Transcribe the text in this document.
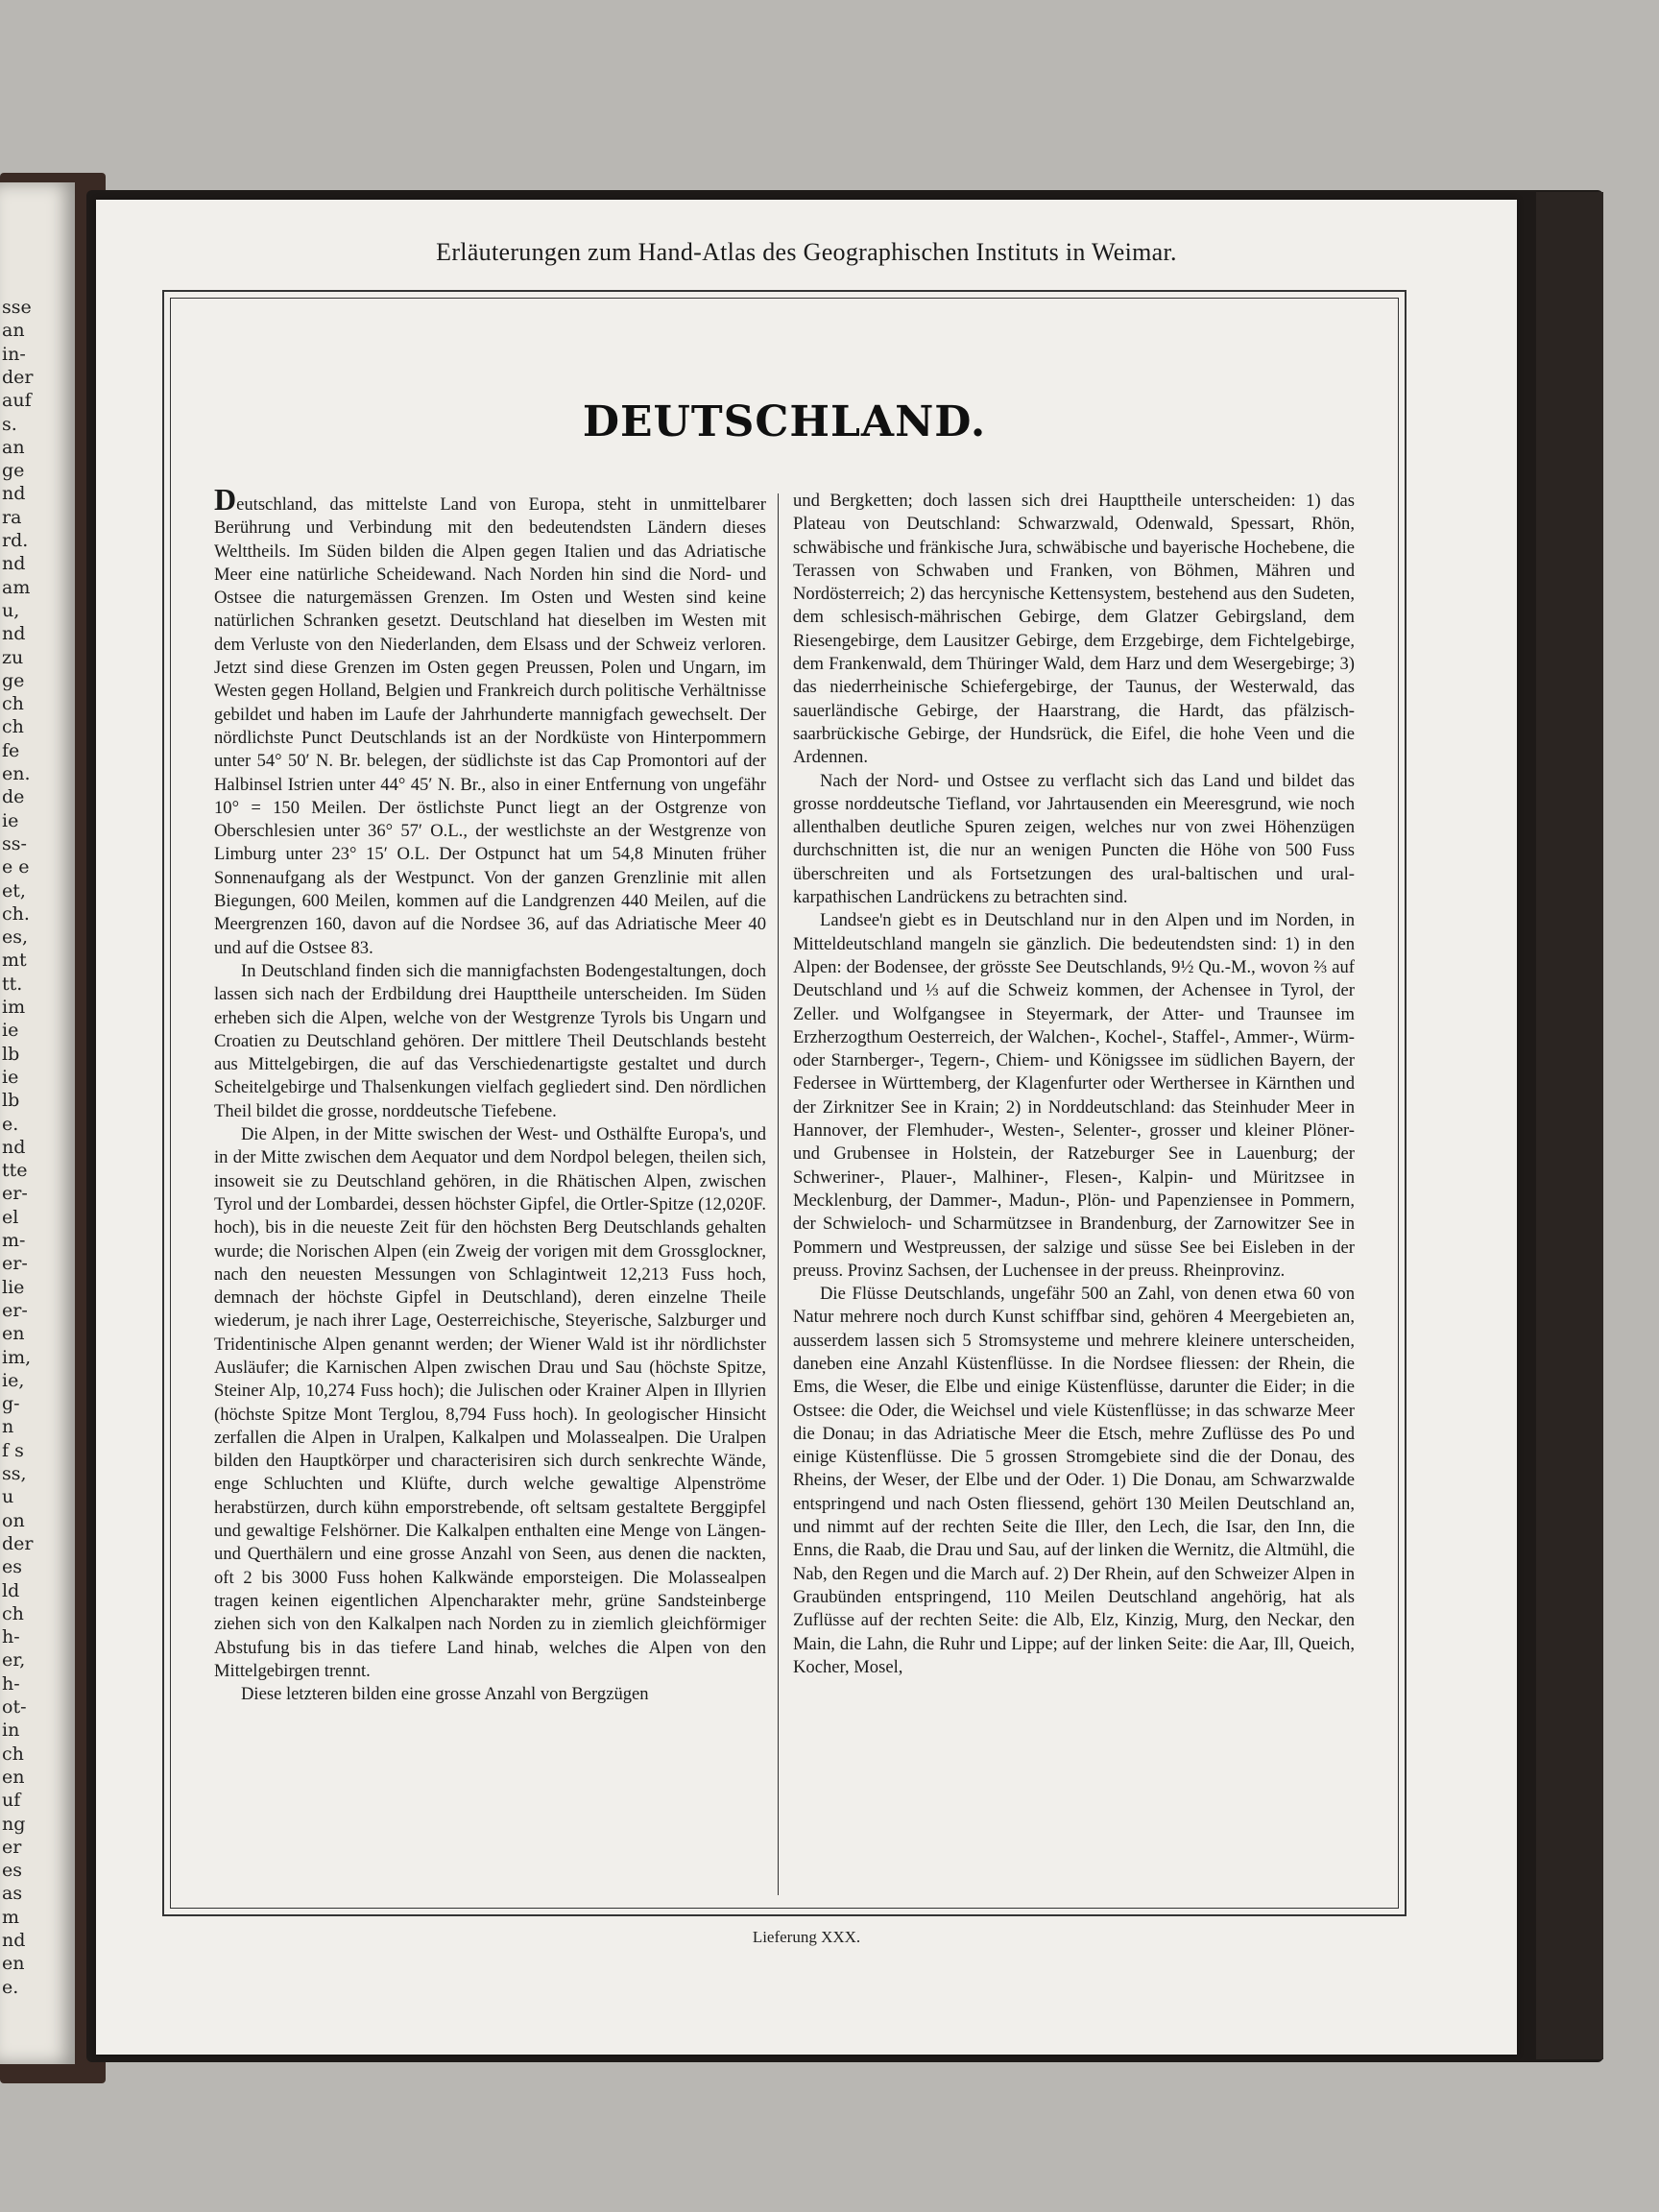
sse
an
in-
der
auf
s.
an
ge
nd
ra
rd.
nd
am
u,
nd
zu
ge
ch
ch
fe
en.
de
ie
ss-
e e
et,
ch.
es,
mt
tt.
im
ie
lb
ie
lb
e.
nd
tte
er-
el
m-
er-
lie
er-
en
im,
ie,
g-
n
f s
ss,
u
on
der
es
ld
ch
h-
er,
h-
ot-
in
ch
en
uf
ng
er
es
as
m
nd
en
e.
Erläuterungen zum Hand-Atlas des Geographischen Instituts in Weimar.
DEUTSCHLAND.

Deutschland, das mittelste Land von Europa, steht in unmittelbarer Berührung und Verbindung mit den bedeutendsten Ländern dieses Welttheils. Im Süden bilden die Alpen gegen Italien und das Adriatische Meer eine natürliche Scheidewand. Nach Norden hin sind die Nord- und Ostsee die naturgemässen Grenzen. Im Osten und Westen sind keine natürlichen Schranken gesetzt. Deutschland hat dieselben im Westen mit dem Verluste von den Niederlanden, dem Elsass und der Schweiz verloren. Jetzt sind diese Grenzen im Osten gegen Preussen, Polen und Ungarn, im Westen gegen Holland, Belgien und Frankreich durch politische Verhältnisse gebildet und haben im Laufe der Jahrhunderte mannigfach gewechselt. Der nördlichste Punct Deutschlands ist an der Nordküste von Hinterpommern unter 54° 50′ N. Br. belegen, der südlichste ist das Cap Promontori auf der Halbinsel Istrien unter 44° 45′ N. Br., also in einer Entfernung von ungefähr 10° = 150 Meilen. Der östlichste Punct liegt an der Ostgrenze von Oberschlesien unter 36° 57′ O.L., der westlichste an der Westgrenze von Limburg unter 23° 15′ O.L. Der Ostpunct hat um 54,8 Minuten früher Sonnenaufgang als der Westpunct. Von der ganzen Grenzlinie mit allen Biegungen, 600 Meilen, kommen auf die Landgrenzen 440 Meilen, auf die Meergrenzen 160, davon auf die Nordsee 36, auf das Adriatische Meer 40 und auf die Ostsee 83.

In Deutschland finden sich die mannigfachsten Bodengestaltungen, doch lassen sich nach der Erdbildung drei Haupttheile unterscheiden. Im Süden erheben sich die Alpen, welche von der Westgrenze Tyrols bis Ungarn und Croatien zu Deutschland gehören. Der mittlere Theil Deutschlands besteht aus Mittelgebirgen, die auf das Verschiedenartigste gestaltet und durch Scheitelgebirge und Thalsenkungen vielfach gegliedert sind. Den nördlichen Theil bildet die grosse, norddeutsche Tiefebene.

Die Alpen, in der Mitte swischen der West- und Osthälfte Europa's, und in der Mitte zwischen dem Aequator und dem Nordpol belegen, theilen sich, insoweit sie zu Deutschland gehören, in die Rhätischen Alpen, zwischen Tyrol und der Lombardei, dessen höchster Gipfel, die Ortler-Spitze (12,020F. hoch), bis in die neueste Zeit für den höchsten Berg Deutschlands gehalten wurde; die Norischen Alpen (ein Zweig der vorigen mit dem Grossglockner, nach den neuesten Messungen von Schlagintweit 12,213 Fuss hoch, demnach der höchste Gipfel in Deutschland), deren einzelne Theile wiederum, je nach ihrer Lage, Oesterreichische, Steyerische, Salzburger und Tridentinische Alpen genannt werden; der Wiener Wald ist ihr nördlichster Ausläufer; die Karnischen Alpen zwischen Drau und Sau (höchste Spitze, Steiner Alp, 10,274 Fuss hoch); die Julischen oder Krainer Alpen in Illyrien (höchste Spitze Mont Terglou, 8,794 Fuss hoch). In geologischer Hinsicht zerfallen die Alpen in Uralpen, Kalkalpen und Molassealpen. Die Uralpen bilden den Hauptkörper und characterisiren sich durch senkrechte Wände, enge Schluchten und Klüfte, durch welche gewaltige Alpenströme herabstürzen, durch kühn emporstrebende, oft seltsam gestaltete Berggipfel und gewaltige Felshörner. Die Kalkalpen enthalten eine Menge von Längen- und Querthälern und eine grosse Anzahl von Seen, aus denen die nackten, oft 2 bis 3000 Fuss hohen Kalkwände emporsteigen. Die Molassealpen tragen keinen eigentlichen Alpencharakter mehr, grüne Sandsteinberge ziehen sich von den Kalkalpen nach Norden zu in ziemlich gleichförmiger Abstufung bis in das tiefere Land hinab, welches die Alpen von den Mittelgebirgen trennt.

Diese letzteren bilden eine grosse Anzahl von Bergzügen

und Bergketten; doch lassen sich drei Haupttheile unterscheiden: 1) das Plateau von Deutschland: Schwarzwald, Odenwald, Spessart, Rhön, schwäbische und fränkische Jura, schwäbische und bayerische Hochebene, die Terassen von Schwaben und Franken, von Böhmen, Mähren und Nordösterreich; 2) das hercynische Kettensystem, bestehend aus den Sudeten, dem schlesisch-mährischen Gebirge, dem Glatzer Gebirgsland, dem Riesengebirge, dem Lausitzer Gebirge, dem Erzgebirge, dem Fichtelgebirge, dem Frankenwald, dem Thüringer Wald, dem Harz und dem Wesergebirge; 3) das niederrheinische Schiefergebirge, der Taunus, der Westerwald, das sauerländische Gebirge, der Haarstrang, die Hardt, das pfälzisch-saarbrückische Gebirge, der Hundsrück, die Eifel, die hohe Veen und die Ardennen.

Nach der Nord- und Ostsee zu verflacht sich das Land und bildet das grosse norddeutsche Tiefland, vor Jahrtausenden ein Meeresgrund, wie noch allenthalben deutliche Spuren zeigen, welches nur von zwei Höhenzügen durchschnitten ist, die nur an wenigen Puncten die Höhe von 500 Fuss überschreiten und als Fortsetzungen des ural-baltischen und ural-karpathischen Landrückens zu betrachten sind.

Landsee'n giebt es in Deutschland nur in den Alpen und im Norden, in Mitteldeutschland mangeln sie gänzlich. Die bedeutendsten sind: 1) in den Alpen: der Bodensee, der grösste See Deutschlands, 9½ Qu.-M., wovon ⅔ auf Deutschland und ⅓ auf die Schweiz kommen, der Achensee in Tyrol, der Zeller. und Wolfgangsee in Steyermark, der Atter- und Traunsee im Erzherzogthum Oesterreich, der Walchen-, Kochel-, Staffel-, Ammer-, Würm- oder Starnberger-, Tegern-, Chiem- und Königssee im südlichen Bayern, der Federsee in Württemberg, der Klagenfurter oder Werthersee in Kärnthen und der Zirknitzer See in Krain; 2) in Norddeutschland: das Steinhuder Meer in Hannover, der Flemhuder-, Westen-, Selenter-, grosser und kleiner Plöner- und Grubensee in Holstein, der Ratzeburger See in Lauenburg; der Schweriner-, Plauer-, Malhiner-, Flesen-, Kalpin- und Müritzsee in Mecklenburg, der Dammer-, Madun-, Plön- und Papenziensee in Pommern, der Schwieloch- und Scharmützsee in Brandenburg, der Zarnowitzer See in Pommern und Westpreussen, der salzige und süsse See bei Eisleben in der preuss. Provinz Sachsen, der Luchensee in der preuss. Rheinprovinz.

Die Flüsse Deutschlands, ungefähr 500 an Zahl, von denen etwa 60 von Natur mehrere noch durch Kunst schiffbar sind, gehören 4 Meergebieten an, ausserdem lassen sich 5 Stromsysteme und mehrere kleinere unterscheiden, daneben eine Anzahl Küstenflüsse. In die Nordsee fliessen: der Rhein, die Ems, die Weser, die Elbe und einige Küstenflüsse, darunter die Eider; in die Ostsee: die Oder, die Weichsel und viele Küstenflüsse; in das schwarze Meer die Donau; in das Adriatische Meer die Etsch, mehre Zuflüsse des Po und einige Küstenflüsse. Die 5 grossen Stromgebiete sind die der Donau, des Rheins, der Weser, der Elbe und der Oder. 1) Die Donau, am Schwarzwalde entspringend und nach Osten fliessend, gehört 130 Meilen Deutschland an, und nimmt auf der rechten Seite die Iller, den Lech, die Isar, den Inn, die Enns, die Raab, die Drau und Sau, auf der linken die Wernitz, die Altmühl, die Nab, den Regen und die March auf. 2) Der Rhein, auf den Schweizer Alpen in Graubünden entspringend, 110 Meilen Deutschland angehörig, hat als Zuflüsse auf der rechten Seite: die Alb, Elz, Kinzig, Murg, den Neckar, den Main, die Lahn, die Ruhr und Lippe; auf der linken Seite: die Aar, Ill, Queich, Kocher, Mosel,

Lieferung XXX.
